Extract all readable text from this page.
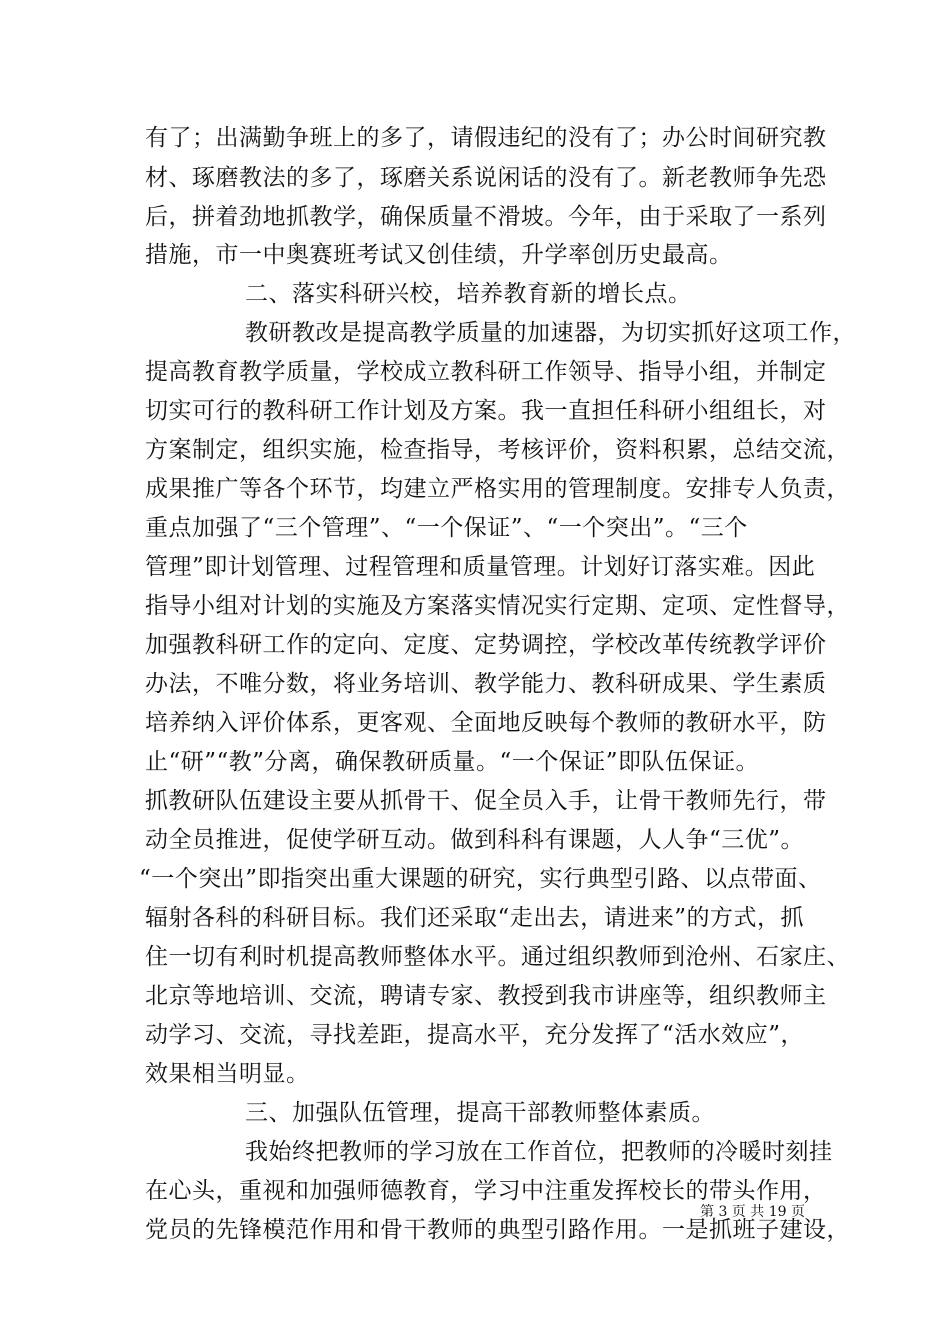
有了；出满勤争班上的多了，请假违纪的没有了；办公时间研究教
材、琢磨教法的多了，琢磨关系说闲话的没有了。新老教师争先恐
后，拼着劲地抓教学，确保质量不滑坡。今年，由于采取了一系列
措施，市一中奥赛班考试又创佳绩，升学率创历史最高。
二、落实科研兴校，培养教育新的增长点。
教研教改是提高教学质量的加速器，为切实抓好这项工作，
提高教育教学质量，学校成立教科研工作领导、指导小组，并制定
切实可行的教科研工作计划及方案。我一直担任科研小组组长，对
方案制定，组织实施，检查指导，考核评价，资料积累，总结交流，
成果推广等各个环节，均建立严格实用的管理制度。安排专人负责，
重点加强了“三个管理”、“一个保证”、“一个突出”。“三个
管理”即计划管理、过程管理和质量管理。计划好订落实难。因此
指导小组对计划的实施及方案落实情况实行定期、定项、定性督导，
加强教科研工作的定向、定度、定势调控，学校改革传统教学评价
办法，不唯分数，将业务培训、教学能力、教科研成果、学生素质
培养纳入评价体系，更客观、全面地反映每个教师的教研水平，防
止“研”“教”分离，确保教研质量。“一个保证”即队伍保证。
抓教研队伍建设主要从抓骨干、促全员入手，让骨干教师先行，带
动全员推进，促使学研互动。做到科科有课题，人人争“三优”。
“一个突出”即指突出重大课题的研究，实行典型引路、以点带面、
辐射各科的科研目标。我们还采取“走出去，请进来”的方式，抓
住一切有利时机提高教师整体水平。通过组织教师到沧州、石家庄、
北京等地培训、交流，聘请专家、教授到我市讲座等，组织教师主
动学习、交流，寻找差距，提高水平，充分发挥了“活水效应”，
效果相当明显。
三、加强队伍管理，提高干部教师整体素质。
我始终把教师的学习放在工作首位，把教师的冷暖时刻挂
在心头，重视和加强师德教育，学习中注重发挥校长的带头作用，
党员的先锋模范作用和骨干教师的典型引路作用。一是抓班子建设，
第 3 页 共 19 页
